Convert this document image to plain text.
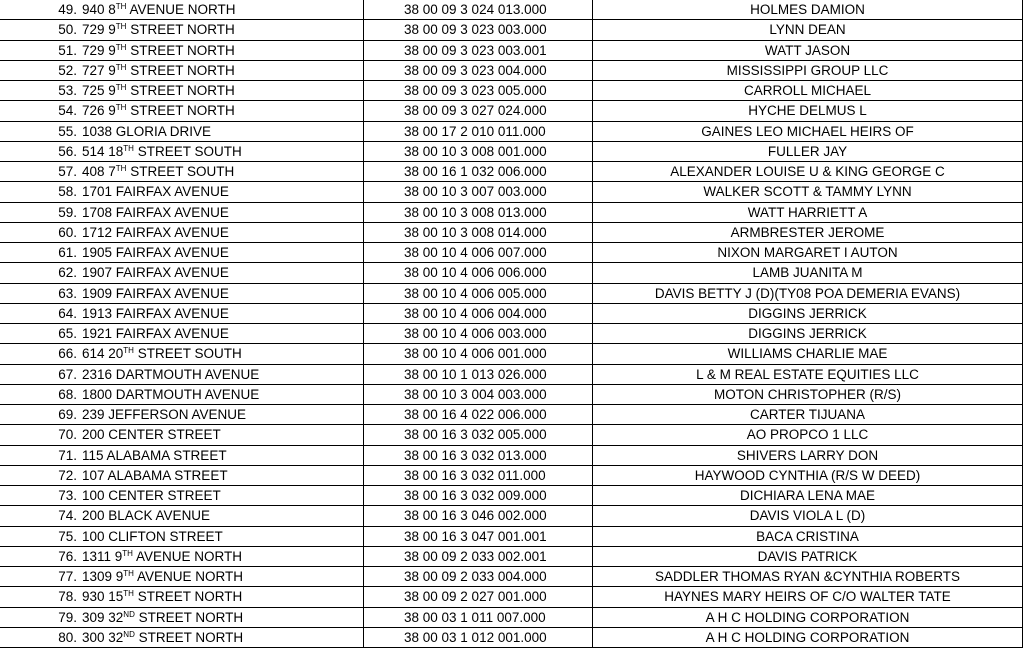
49. 940 8TH AVENUE NORTH	38 00 09 3 024 013.000	HOLMES DAMION
50. 729 9TH STREET NORTH	38 00 09 3 023 003.000	LYNN DEAN
51. 729 9TH STREET NORTH	38 00 09 3 023 003.001	WATT JASON
52. 727 9TH STREET NORTH	38 00 09 3 023 004.000	MISSISSIPPI GROUP LLC
53. 725 9TH STREET NORTH	38 00 09 3 023 005.000	CARROLL MICHAEL
54. 726 9TH STREET NORTH	38 00 09 3 027 024.000	HYCHE DELMUS L
55. 1038 GLORIA DRIVE	38 00 17 2 010 011.000	GAINES LEO MICHAEL HEIRS OF
56. 514 18TH STREET SOUTH	38 00 10 3 008 001.000	FULLER JAY
57. 408 7TH STREET SOUTH	38 00 16 1 032 006.000	ALEXANDER LOUISE U & KING GEORGE C
58. 1701 FAIRFAX AVENUE	38 00 10 3 007 003.000	WALKER SCOTT & TAMMY LYNN
59. 1708 FAIRFAX AVENUE	38 00 10 3 008 013.000	WATT HARRIETT A
60. 1712 FAIRFAX AVENUE	38 00 10 3 008 014.000	ARMBRESTER JEROME
61. 1905 FAIRFAX AVENUE	38 00 10 4 006 007.000	NIXON MARGARET I AUTON
62. 1907 FAIRFAX AVENUE	38 00 10 4 006 006.000	LAMB JUANITA M
63. 1909 FAIRFAX AVENUE	38 00 10 4 006 005.000	DAVIS BETTY J (D)(TY08 POA DEMERIA EVANS)
64. 1913 FAIRFAX AVENUE	38 00 10 4 006 004.000	DIGGINS JERRICK
65. 1921 FAIRFAX AVENUE	38 00 10 4 006 003.000	DIGGINS JERRICK
66. 614 20TH STREET SOUTH	38 00 10 4 006 001.000	WILLIAMS CHARLIE MAE
67. 2316 DARTMOUTH AVENUE	38 00 10 1 013 026.000	L & M REAL ESTATE EQUITIES LLC
68. 1800 DARTMOUTH AVENUE	38 00 10 3 004 003.000	MOTON CHRISTOPHER (R/S)
69. 239 JEFFERSON AVENUE	38 00 16 4 022 006.000	CARTER TIJUANA
70. 200 CENTER STREET	38 00 16 3 032 005.000	AO PROPCO 1 LLC
71. 115 ALABAMA STREET	38 00 16 3 032 013.000	SHIVERS LARRY DON
72. 107 ALABAMA STREET	38 00 16 3 032 011.000	HAYWOOD CYNTHIA (R/S W DEED)
73. 100 CENTER STREET	38 00 16 3 032 009.000	DICHIARA LENA MAE
74. 200 BLACK AVENUE	38 00 16 3 046 002.000	DAVIS VIOLA L (D)
75. 100 CLIFTON STREET	38 00 16 3 047 001.001	BACA CRISTINA
76. 1311 9TH AVENUE NORTH	38 00 09 2 033 002.001	DAVIS PATRICK
77. 1309 9TH AVENUE NORTH	38 00 09 2 033 004.000	SADDLER THOMAS RYAN &CYNTHIA ROBERTS
78. 930 15TH STREET NORTH	38 00 09 2 027 001.000	HAYNES MARY HEIRS OF C/O WALTER TATE
79. 309 32ND STREET NORTH	38 00 03 1 011 007.000	A H C HOLDING CORPORATION
80. 300 32ND STREET NORTH	38 00 03 1 012 001.000	A H C HOLDING CORPORATION
